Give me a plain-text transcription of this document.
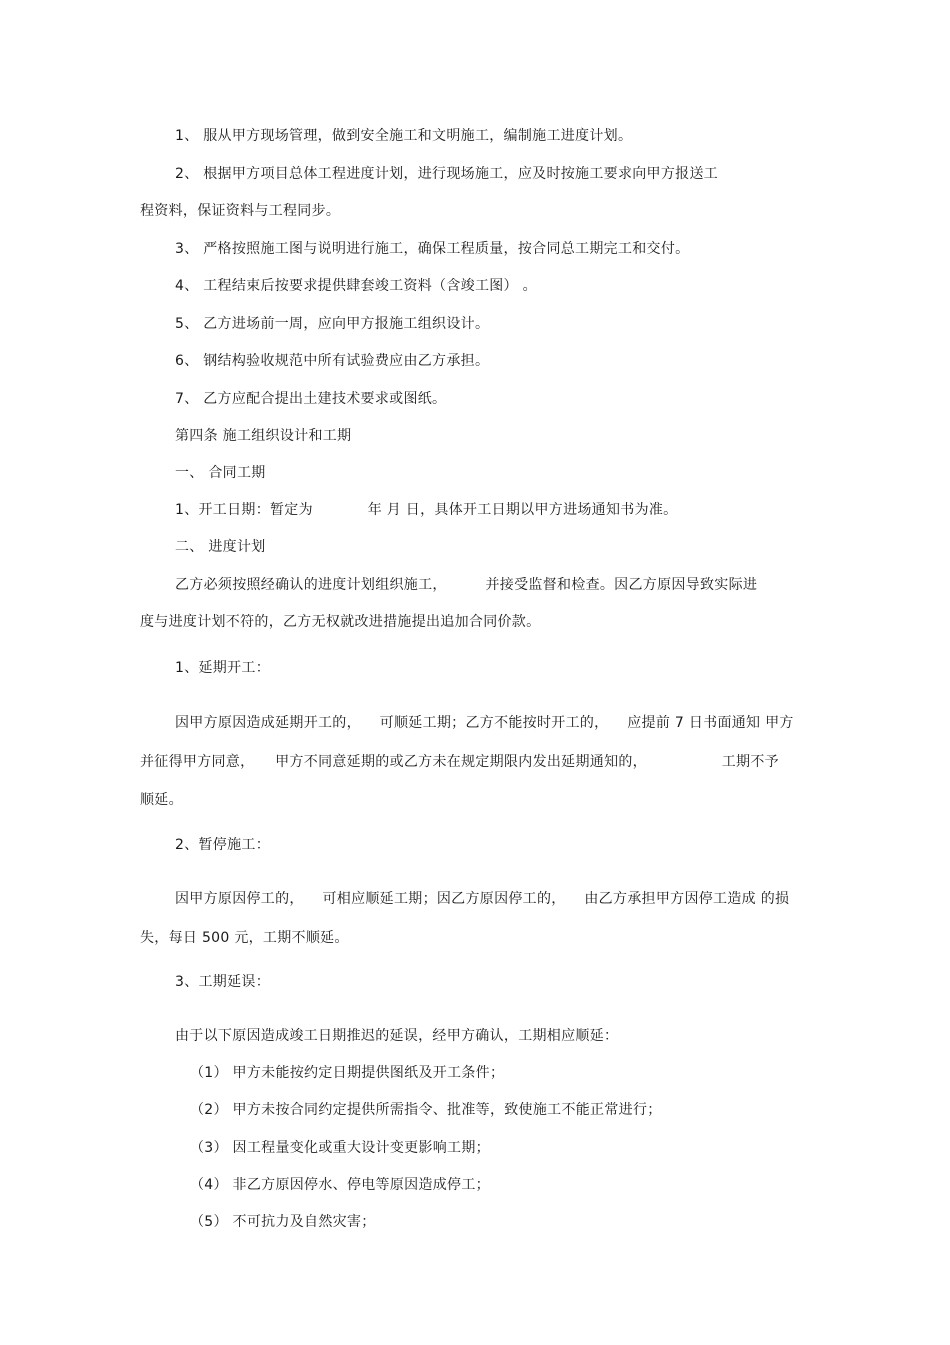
1、 服从甲方现场管理，做到安全施工和文明施工，编制施工进度计划。
2、 根据甲方项目总体工程进度计划，进行现场施工，应及时按施工要求向甲方报送工
程资料，保证资料与工程同步。
3、 严格按照施工图与说明进行施工，确保工程质量，按合同总工期完工和交付。
4、 工程结束后按要求提供肆套竣工资料（含竣工图） 。
5、 乙方进场前一周，应向甲方报施工组织设计。
6、 钢结构验收规范中所有试验费应由乙方承担。
7、 乙方应配合提出土建技术要求或图纸。
第四条 施工组织设计和工期
一、 合同工期
1、开工日期：暂定为	年 月 日，具体开工日期以甲方进场通知书为准。
二、 进度计划
乙方必须按照经确认的进度计划组织施工，	并接受监督和检查。因乙方原因导致实际进
度与进度计划不符的，乙方无权就改进措施提出追加合同价款。
1、延期开工：
因甲方原因造成延期开工的， 可顺延工期；乙方不能按时开工的， 应提前 7 日书面通知 甲方
并征得甲方同意， 甲方不同意延期的或乙方未在规定期限内发出延期通知的，	工期不予
顺延。
2、暂停施工：
因甲方原因停工的， 可相应顺延工期；因乙方原因停工的， 由乙方承担甲方因停工造成 的损
失，每日 500 元，工期不顺延。
3、工期延误：
由于以下原因造成竣工日期推迟的延误，经甲方确认，工期相应顺延：
（1） 甲方未能按约定日期提供图纸及开工条件；
（2） 甲方未按合同约定提供所需指令、批准等，致使施工不能正常进行；
（3） 因工程量变化或重大设计变更影响工期；
（4） 非乙方原因停水、停电等原因造成停工；
（5） 不可抗力及自然灾害；
